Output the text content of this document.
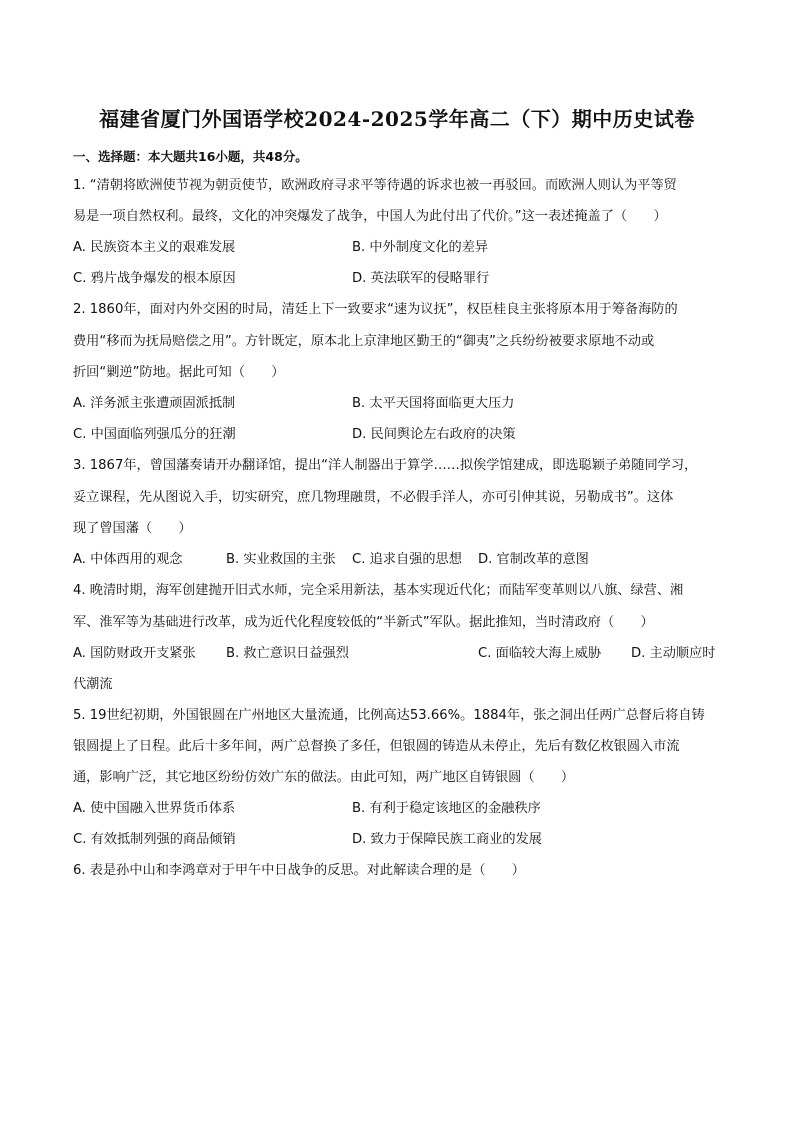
福建省厦门外国语学校2024-2025学年高二（下）期中历史试卷
一、选择题：本大题共16小题，共48分。
1. “清朝将欧洲使节视为朝贡使节，欧洲政府寻求平等待遇的诉求也被一再驳回。而欧洲人则认为平等贸
易是一项自然权利。最终，文化的冲突爆发了战争，中国人为此付出了代价。”这一表述掩盖了（　　）
A. 民族资本主义的艰难发展	B. 中外制度文化的差异
C. 鸦片战争爆发的根本原因	D. 英法联军的侵略罪行
2. 1860年，面对内外交困的时局，清廷上下一致要求“速为议抚”，权臣桂良主张将原本用于筹备海防的
费用“移而为抚局赔偿之用”。方针既定，原本北上京津地区勤王的“御夷”之兵纷纷被要求原地不动或
折回“剿逆”防地。据此可知（　　）
A. 洋务派主张遭顽固派抵制	B. 太平天国将面临更大压力
C. 中国面临列强瓜分的狂潮	D. 民间舆论左右政府的决策
3. 1867年，曾国藩奏请开办翻译馆，提出“洋人制器出于算学……拟俟学馆建成，即选聪颖子弟随同学习，
妥立课程，先从图说入手，切实研究，庶几物理融贯，不必假手洋人，亦可引伸其说，另勒成书”。这体
现了曾国藩（　　）
A. 中体西用的观念	B. 实业救国的主张 C. 追求自强的思想 D. 官制改革的意图
4. 晚清时期，海军创建抛开旧式水师，完全采用新法，基本实现近代化；而陆军变革则以八旗、绿营、湘
军、淮军等为基础进行改革，成为近代化程度较低的“半新式”军队。据此推知，当时清政府（　　）
A. 国防财政开支紧张 B. 救亡意识日益强烈	C. 面临较大海上威胁 D. 主动顺应时
代潮流
5. 19世纪初期，外国银圆在广州地区大量流通，比例高达53.66%。1884年，张之洞出任两广总督后将自铸
银圆提上了日程。此后十多年间，两广总督换了多任，但银圆的铸造从未停止，先后有数亿枚银圆入市流
通，影响广泛，其它地区纷纷仿效广东的做法。由此可知，两广地区自铸银圆（　　）
A. 使中国融入世界货币体系	B. 有利于稳定该地区的金融秩序
C. 有效抵制列强的商品倾销	D. 致力于保障民族工商业的发展
6. 表是孙中山和李鸿章对于甲午中日战争的反思。对此解读合理的是（　　）
